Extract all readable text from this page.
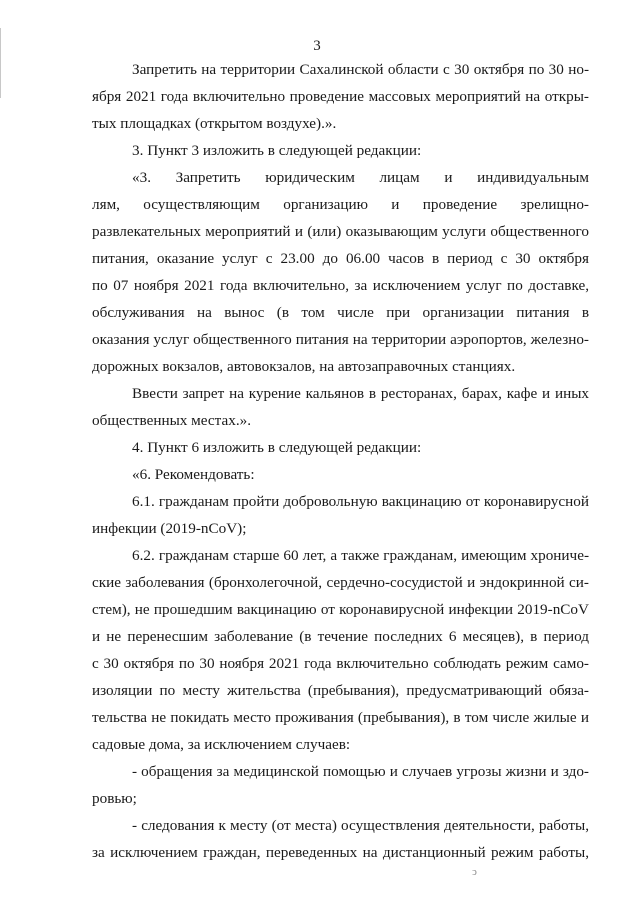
3
Запретить на территории Сахалинской области с 30 октября по 30 но-
ября 2021 года включительно проведение массовых мероприятий на откры-
тых площадках (открытом воздухе).».
3. Пункт 3 изложить в следующей редакции:
«3. Запретить юридическим лицам и индивидуальным
лям, осуществляющим организацию и проведение зрелищно-
развлекательных мероприятий и (или) оказывающим услуги общественного
питания, оказание услуг с 23.00 до 06.00 часов в период с 30 октября
по 07 ноября 2021 года включительно, за исключением услуг по доставке,
обслуживания на вынос (в том числе при организации питания в
оказания услуг общественного питания на территории аэропортов, железно-
дорожных вокзалов, автовокзалов, на автозаправочных станциях.
Ввести запрет на курение кальянов в ресторанах, барах, кафе и иных
общественных местах.».
4. Пункт 6 изложить в следующей редакции:
«6. Рекомендовать:
6.1. гражданам пройти добровольную вакцинацию от коронавирусной
инфекции (2019-nCoV);
6.2. гражданам старше 60 лет, а также гражданам, имеющим хрониче-
ские заболевания (бронхолегочной, сердечно-сосудистой и эндокринной си-
стем), не прошедшим вакцинацию от коронавирусной инфекции 2019-nCoV
и не перенесшим заболевание (в течение последних 6 месяцев), в период
с 30 октября по 30 ноября 2021 года включительно соблюдать режим само-
изоляции по месту жительства (пребывания), предусматривающий обяза-
тельства не покидать место проживания (пребывания), в том числе жилые и
садовые дома, за исключением случаев:
- обращения за медицинской помощью и случаев угрозы жизни и здо-
ровью;
- следования к месту (от места) осуществления деятельности, работы,
за исключением граждан, переведенных на дистанционный режим работы,
ↄ
